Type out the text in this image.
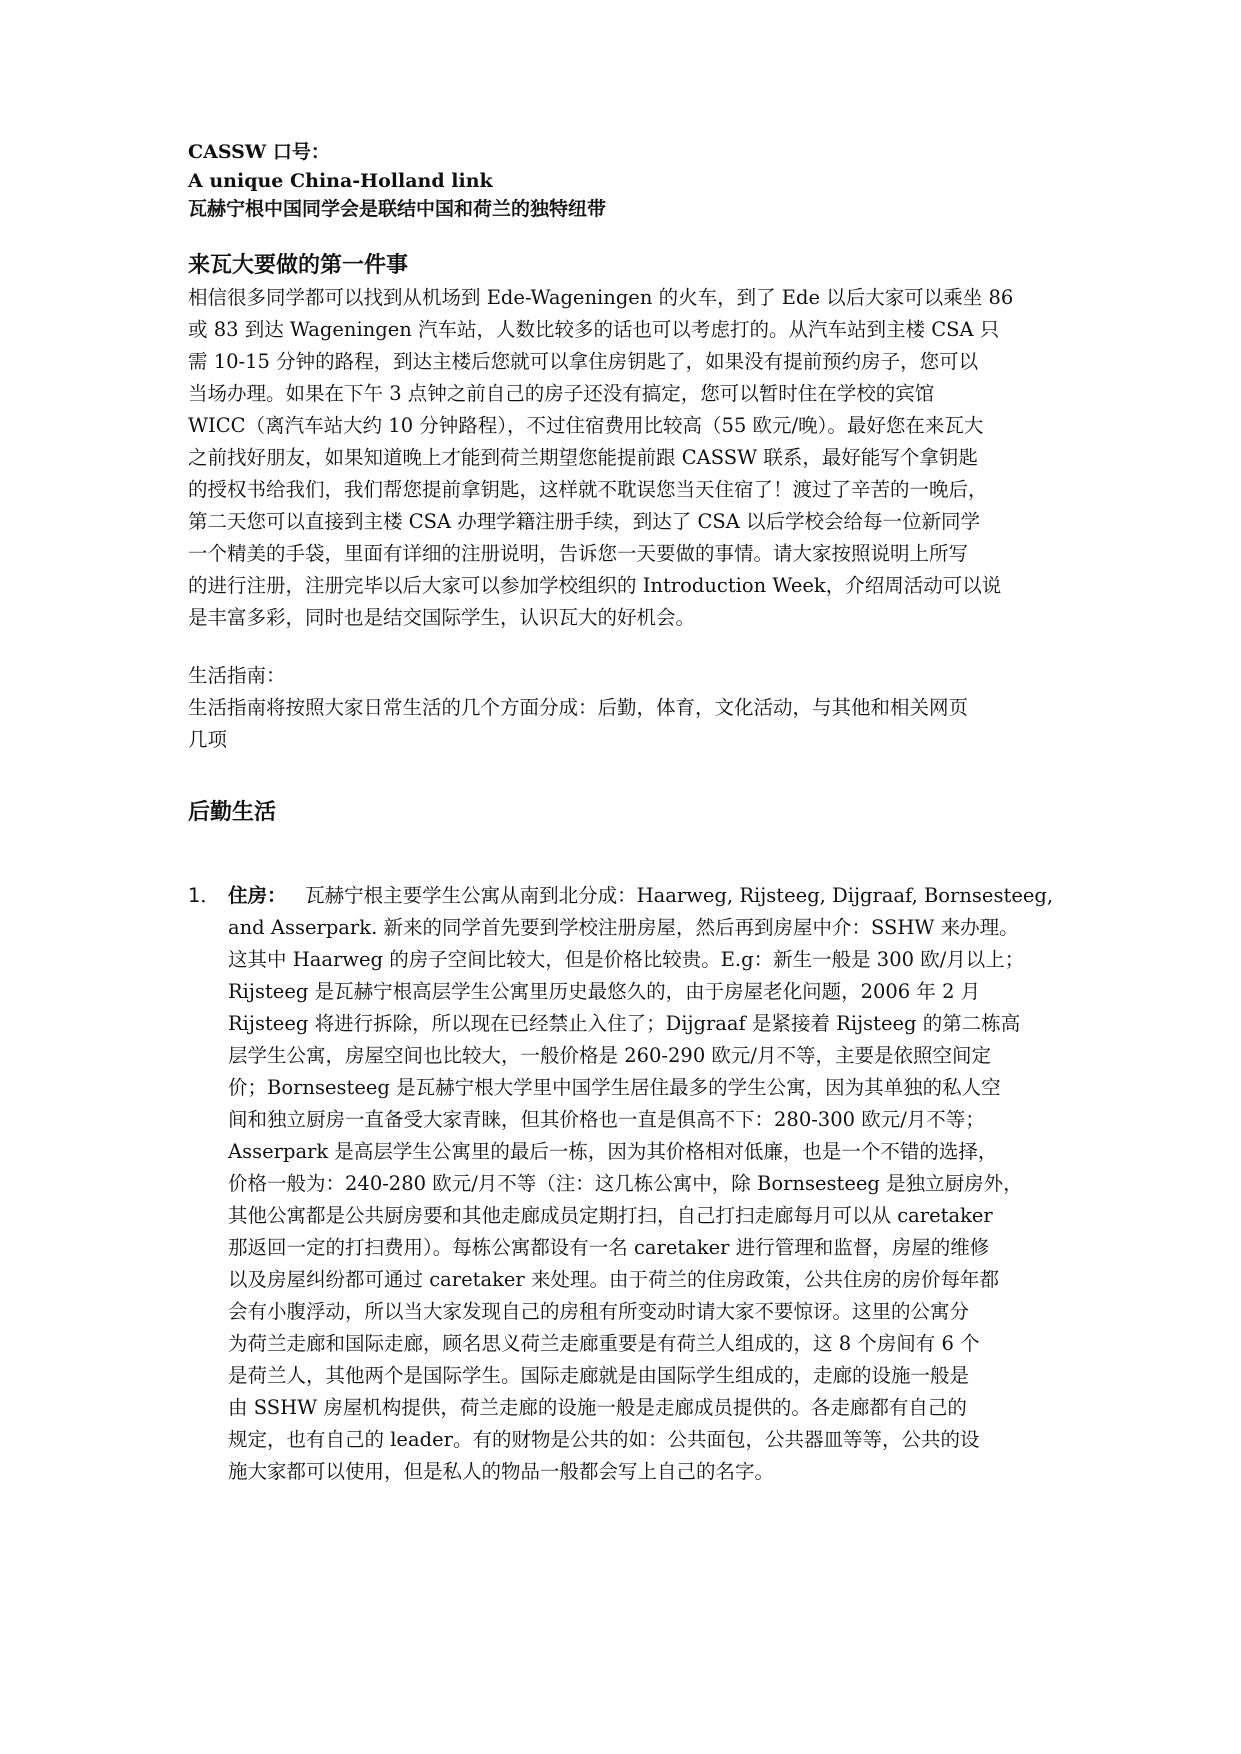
CASSW 口号：
A unique China-Holland link
瓦赫宁根中国同学会是联结中国和荷兰的独特纽带
来瓦大要做的第一件事

相信很多同学都可以找到从机场到 Ede-Wageningen 的火车，到了 Ede 以后大家可以乘坐 86

或 83 到达 Wageningen 汽车站，人数比较多的话也可以考虑打的。从汽车站到主楼 CSA 只

需 10-15 分钟的路程，到达主楼后您就可以拿住房钥匙了，如果没有提前预约房子，您可以

当场办理。如果在下午 3 点钟之前自己的房子还没有搞定，您可以暂时住在学校的宾馆

WICC（离汽车站大约 10 分钟路程），不过住宿费用比较高（55 欧元/晚）。最好您在来瓦大

之前找好朋友，如果知道晚上才能到荷兰期望您能提前跟 CASSW 联系，最好能写个拿钥匙

的授权书给我们，我们帮您提前拿钥匙，这样就不耽误您当天住宿了！渡过了辛苦的一晚后，

第二天您可以直接到主楼 CSA 办理学籍注册手续，到达了 CSA 以后学校会给每一位新同学

一个精美的手袋，里面有详细的注册说明，告诉您一天要做的事情。请大家按照说明上所写

的进行注册，注册完毕以后大家可以参加学校组织的 Introduction Week，介绍周活动可以说

是丰富多彩，同时也是结交国际学生，认识瓦大的好机会。

生活指南：

生活指南将按照大家日常生活的几个方面分成：后勤，体育，文化活动，与其他和相关网页

几项

后勤生活
1． 住房： 瓦赫宁根主要学生公寓从南到北分成：Haarweg, Rijsteeg, Dijgraaf, Bornsesteeg,

and Asserpark. 新来的同学首先要到学校注册房屋，然后再到房屋中介：SSHW 来办理。

这其中 Haarweg 的房子空间比较大，但是价格比较贵。E.g：新生一般是 300 欧/月以上；

Rijsteeg 是瓦赫宁根高层学生公寓里历史最悠久的，由于房屋老化问题，2006 年 2 月

Rijsteeg 将进行拆除，所以现在已经禁止入住了；Dijgraaf 是紧接着 Rijsteeg 的第二栋高

层学生公寓，房屋空间也比较大，一般价格是 260-290 欧元/月不等，主要是依照空间定

价；Bornsesteeg 是瓦赫宁根大学里中国学生居住最多的学生公寓，因为其单独的私人空

间和独立厨房一直备受大家青睐，但其价格也一直是俱高不下：280-300 欧元/月不等；

Asserpark 是高层学生公寓里的最后一栋，因为其价格相对低廉，也是一个不错的选择，

价格一般为：240-280 欧元/月不等（注：这几栋公寓中，除 Bornsesteeg 是独立厨房外，

其他公寓都是公共厨房要和其他走廊成员定期打扫，自己打扫走廊每月可以从 caretaker

那返回一定的打扫费用）。每栋公寓都设有一名 caretaker 进行管理和监督，房屋的维修

以及房屋纠纷都可通过 caretaker 来处理。由于荷兰的住房政策，公共住房的房价每年都

会有小腹浮动，所以当大家发现自己的房租有所变动时请大家不要惊讶。这里的公寓分

为荷兰走廊和国际走廊，顾名思义荷兰走廊重要是有荷兰人组成的，这 8 个房间有 6 个

是荷兰人，其他两个是国际学生。国际走廊就是由国际学生组成的，走廊的设施一般是

由 SSHW 房屋机构提供，荷兰走廊的设施一般是走廊成员提供的。各走廊都有自己的

规定，也有自己的 leader。有的财物是公共的如：公共面包，公共器皿等等，公共的设

施大家都可以使用，但是私人的物品一般都会写上自己的名字。
